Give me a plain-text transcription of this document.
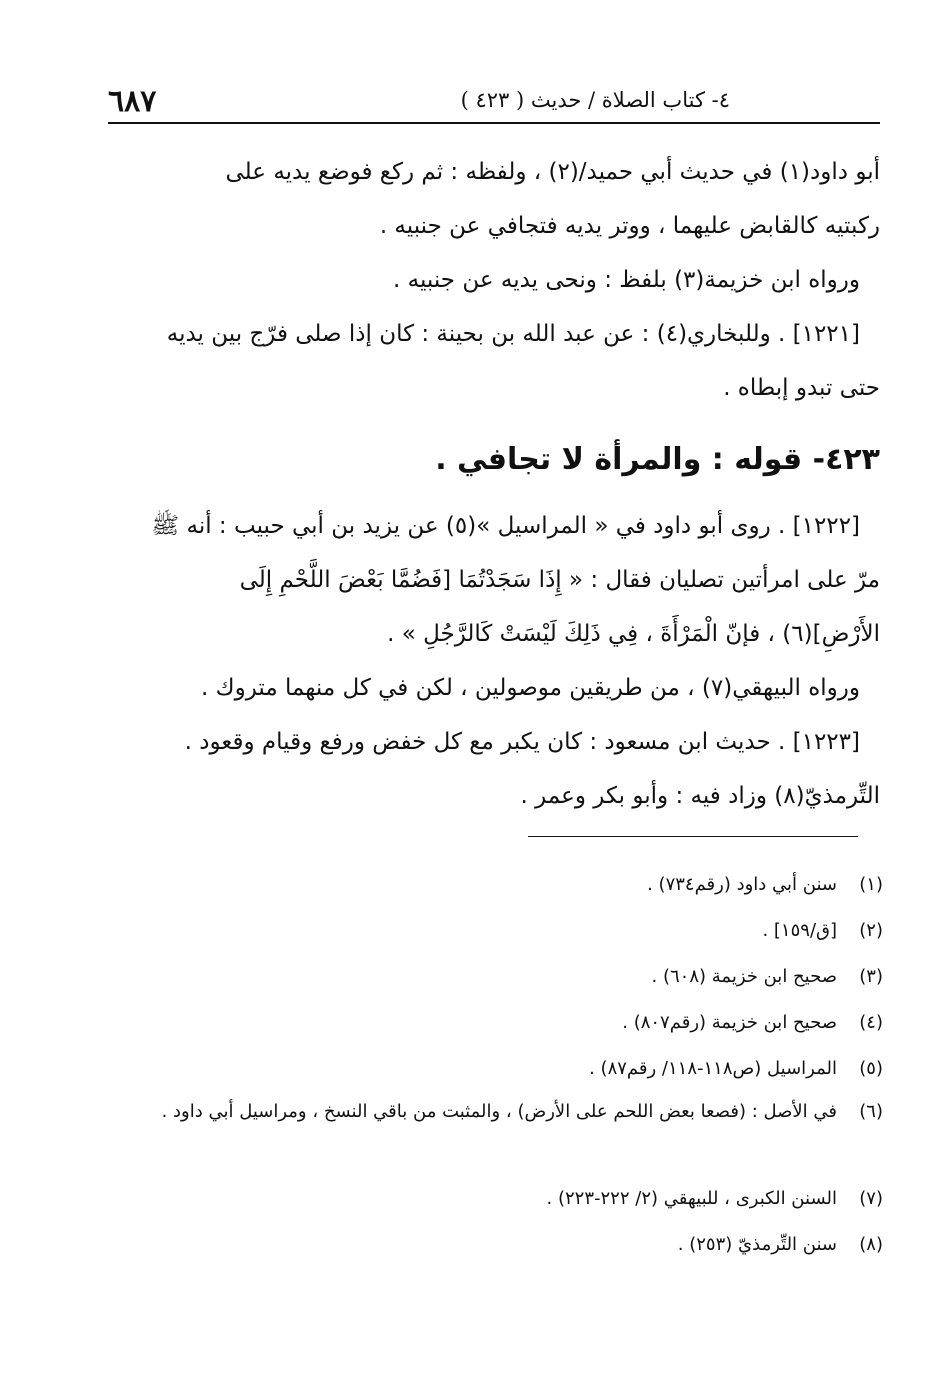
٤- كتاب الصلاة / حديث ( ٤٢٣ )
٦٨٧
أبو داود(١) في حديث أبي حميد/(٢) ، ولفظه : ثم ركع فوضع يديه على
ركبتيه كالقابض عليهما ، ووتر يديه فتجافي عن جنبيه .
ورواه ابن خزيمة(٣) بلفظ : ونحى يديه عن جنبيه .
[١٢٢١] . وللبخاري(٤) : عن عبد الله بن بحينة : كان إذا صلى فرّج بين يديه
حتى تبدو إبطاه .
٤٢٣- قوله : والمرأة لا تجافي .
[١٢٢٢] . روى أبو داود في « المراسيل »(٥) عن يزيد بن أبي حبيب : أنه ﷺ
مرّ على امرأتين تصليان فقال : « إِذَا سَجَدْتُمَا [فَضُمَّا بَعْضَ اللَّحْمِ إِلَى
الأَرْضِ](٦) ، فإنّ الْمَرْأَةَ ، فِي ذَلِكَ لَيْسَتْ كَالرَّجُلِ » .
ورواه البيهقي(٧) ، من طريقين موصولين ، لكن في كل منهما متروك .
[١٢٢٣] . حديث ابن مسعود : كان يكبر مع كل خفض ورفع وقيام وقعود .
التِّرمذيّ(٨) وزاد فيه : وأبو بكر وعمر .
(١)
سنن أبي داود (رقم٧٣٤) .
(٢)
[ق/١٥٩] .
(٣)
صحيح ابن خزيمة (٦٠٨) .
(٤)
صحيح ابن خزيمة (رقم٨٠٧) .
(٥)
المراسيل (ص١١٨-١١٨/ رقم٨٧) .
(٦)
في الأصل : (فصعا بعض اللحم على الأرض) ، والمثبت من باقي النسخ ، ومراسيل أبي داود .
(٧)
السنن الكبرى ، للبيهقي (٢/ ٢٢٢-٢٢٣) .
(٨)
سنن التِّرمذيّ (٢٥٣) .
